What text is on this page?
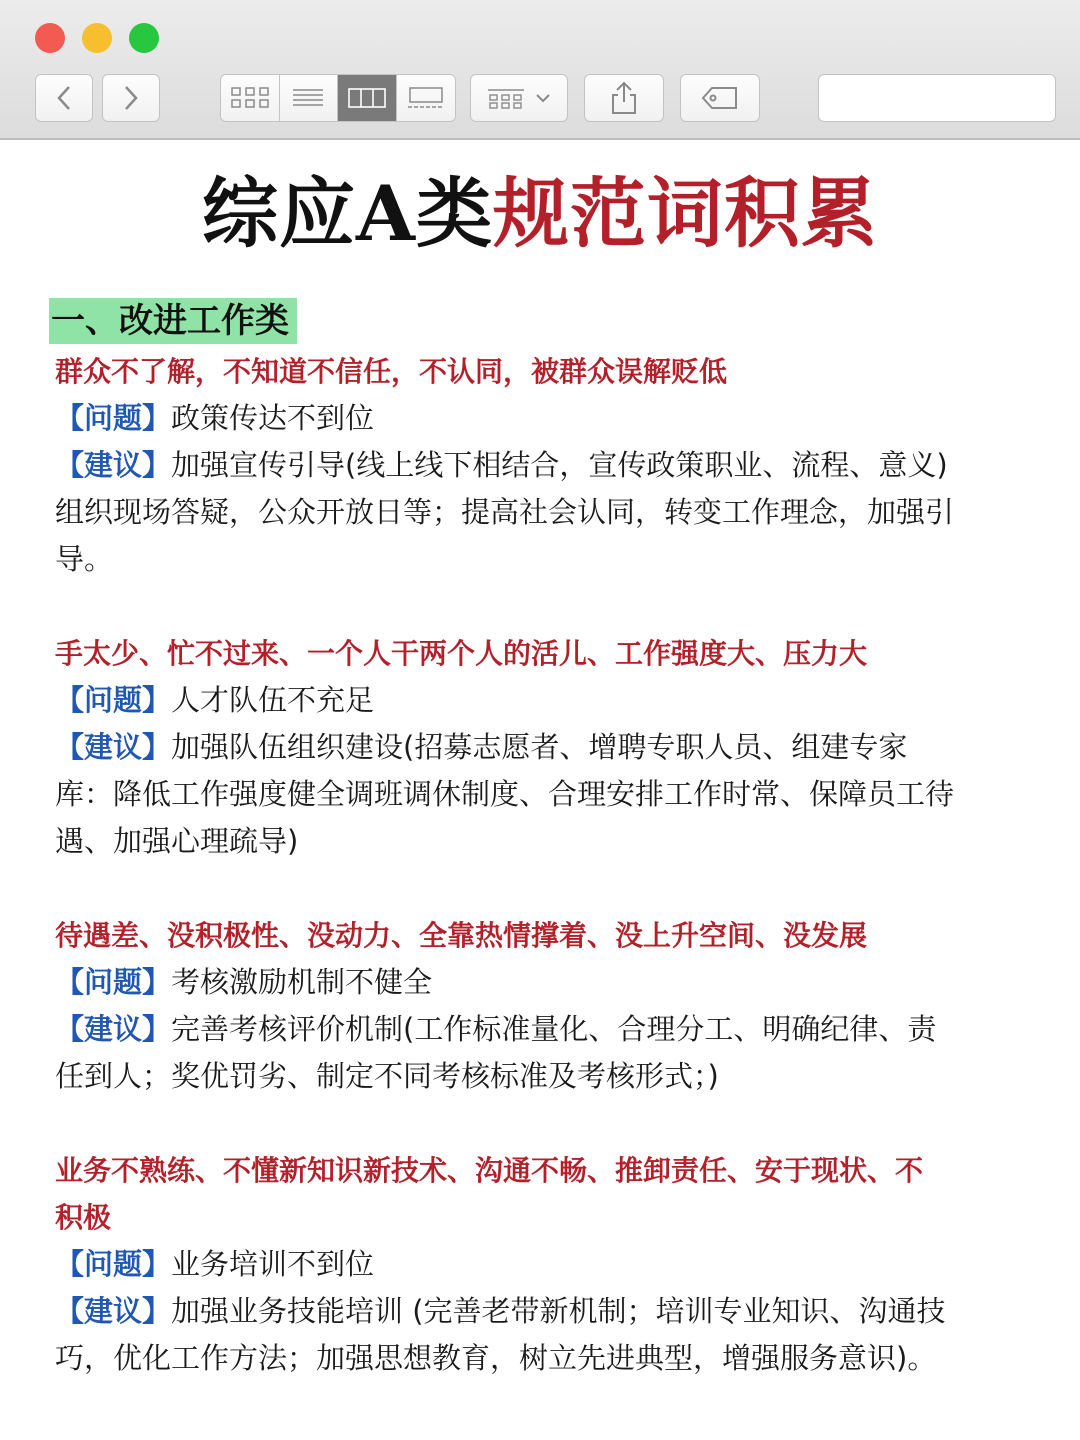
综应A类规范词积累
一、改进工作类
群众不了解，不知道不信任，不认同，被群众误解贬低
【问题】政策传达不到位
【建议】加强宣传引导(线上线下相结合，宣传政策职业、流程、意义)
组织现场答疑，公众开放日等；提高社会认同，转变工作理念，加强引
导。
手太少、忙不过来、一个人干两个人的活儿、工作强度大、压力大
【问题】人才队伍不充足
【建议】加强队伍组织建设(招募志愿者、增聘专职人员、组建专家
库：降低工作强度健全调班调休制度、合理安排工作时常、保障员工待
遇、加强心理疏导)
待遇差、没积极性、没动力、全靠热情撑着、没上升空间、没发展
【问题】考核激励机制不健全
【建议】完善考核评价机制(工作标准量化、合理分工、明确纪律、责
任到人；奖优罚劣、制定不同考核标准及考核形式；)
业务不熟练、不懂新知识新技术、沟通不畅、推卸责任、安于现状、不
积极
【问题】业务培训不到位
【建议】加强业务技能培训 (完善老带新机制；培训专业知识、沟通技
巧，优化工作方法；加强思想教育，树立先进典型，增强服务意识)。
